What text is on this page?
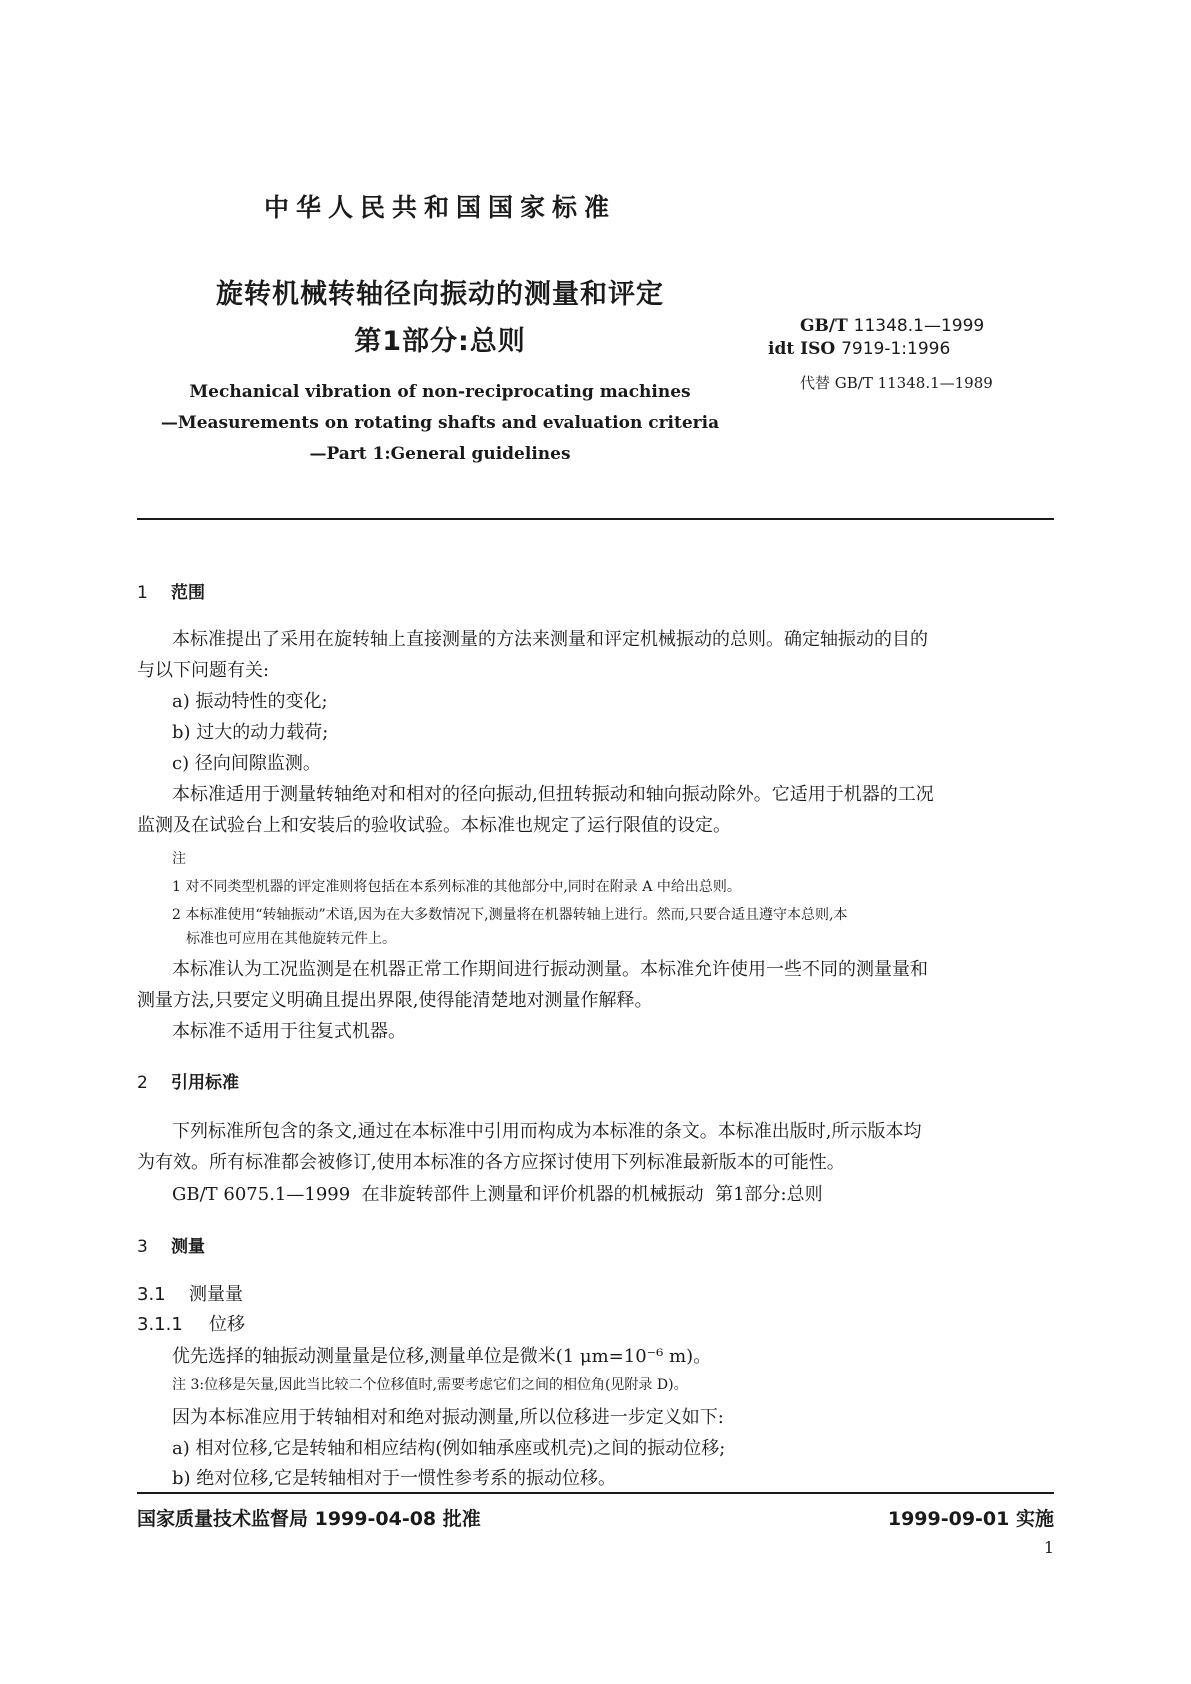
中华人民共和国国家标准
旋转机械转轴径向振动的测量和评定
第1部分:总则	GB/T 11348.1—1999
idt ISO 7919-1:1996
代替 GB/T 11348.1—1989
Mechanical vibration of non-reciprocating machines
—Measurements on rotating shafts and evaluation criteria
—Part 1:General guidelines
1 范围
本标准提出了采用在旋转轴上直接测量的方法来测量和评定机械振动的总则。确定轴振动的目的
与以下问题有关:
a) 振动特性的变化;
b) 过大的动力载荷;
c) 径向间隙监测。
本标准适用于测量转轴绝对和相对的径向振动,但扭转振动和轴向振动除外。它适用于机器的工况
监测及在试验台上和安装后的验收试验。本标准也规定了运行限值的设定。
注
1 对不同类型机器的评定准则将包括在本系列标准的其他部分中,同时在附录 A 中给出总则。
2 本标准使用“转轴振动”术语,因为在大多数情况下,测量将在机器转轴上进行。然而,只要合适且遵守本总则,本
标准也可应用在其他旋转元件上。
本标准认为工况监测是在机器正常工作期间进行振动测量。本标准允许使用一些不同的测量量和
测量方法,只要定义明确且提出界限,使得能清楚地对测量作解释。
本标准不适用于往复式机器。
2 引用标准
下列标准所包含的条文,通过在本标准中引用而构成为本标准的条文。本标准出版时,所示版本均
为有效。所有标准都会被修订,使用本标准的各方应探讨使用下列标准最新版本的可能性。
GB/T 6075.1—1999  在非旋转部件上测量和评价机器的机械振动  第1部分:总则
3 测量
3.1 测量量
3.1.1 位移
优先选择的轴振动测量量是位移,测量单位是微米(1 μm=10⁻⁶ m)。
注 3:位移是矢量,因此当比较二个位移值时,需要考虑它们之间的相位角(见附录 D)。
因为本标准应用于转轴相对和绝对振动测量,所以位移进一步定义如下:
a) 相对位移,它是转轴和相应结构(例如轴承座或机壳)之间的振动位移;
b) 绝对位移,它是转轴相对于一惯性参考系的振动位移。
国家质量技术监督局 1999-04-08 批准	1999-09-01 实施
1
